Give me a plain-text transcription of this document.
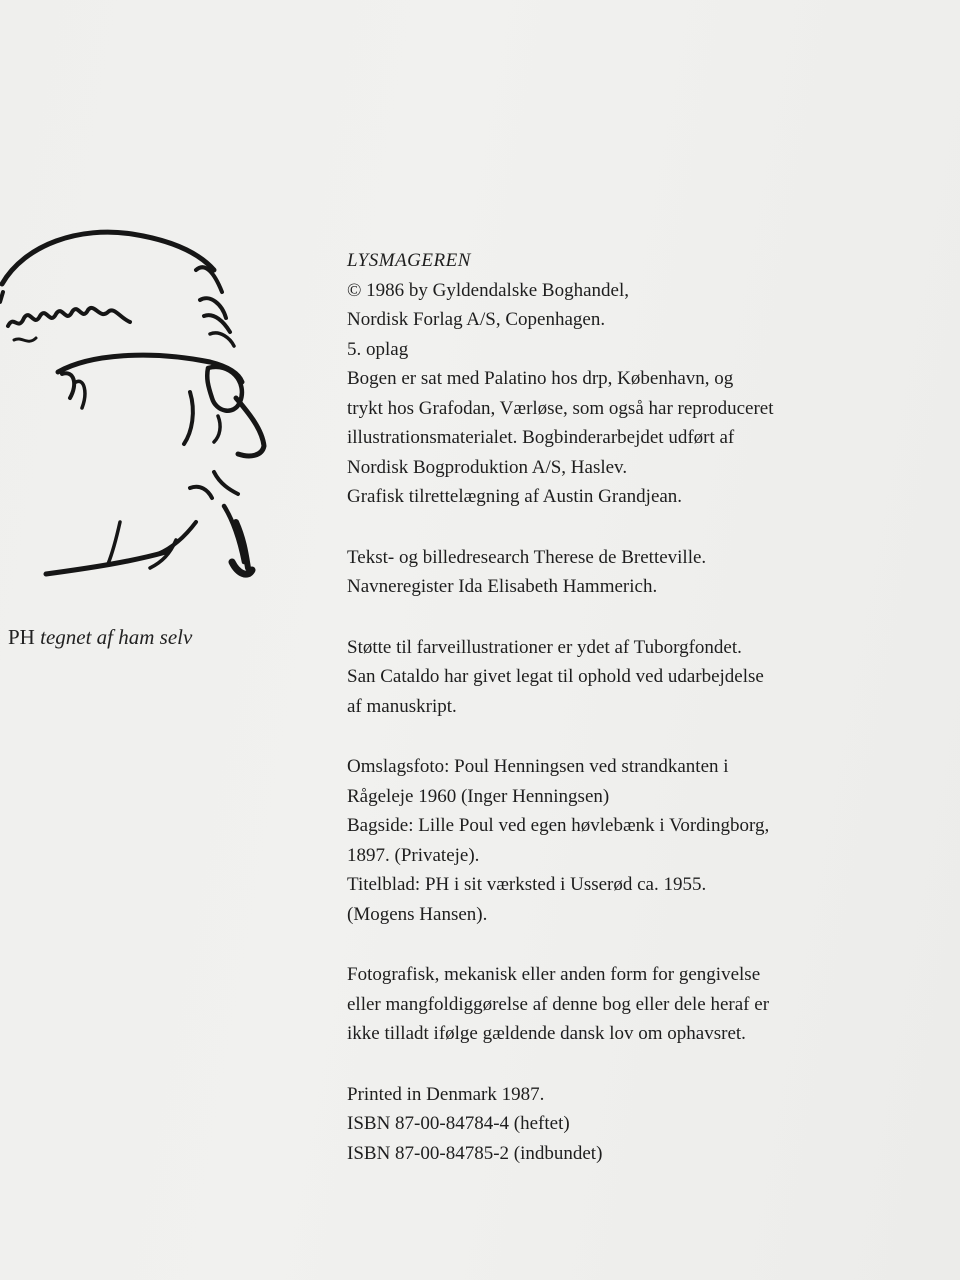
PH tegnet af ham selv
LYSMAGEREN
© 1986 by Gyldendalske Boghandel,
Nordisk Forlag A/S, Copenhagen.
5. oplag
Bogen er sat med Palatino hos drp, København, og
trykt hos Grafodan, Værløse, som også har reproduceret
illustrationsmaterialet. Bogbinderarbejdet udført af
Nordisk Bogproduktion A/S, Haslev.
Grafisk tilrettelægning af Austin Grandjean.
Tekst- og billedresearch Therese de Bretteville.
Navneregister Ida Elisabeth Hammerich.
Støtte til farveillustrationer er ydet af Tuborgfondet.
San Cataldo har givet legat til ophold ved udarbejdelse
af manuskript.
Omslagsfoto: Poul Henningsen ved strandkanten i
Rågeleje 1960 (Inger Henningsen)
Bagside: Lille Poul ved egen høvlebænk i Vordingborg,
1897. (Privateje).
Titelblad: PH i sit værksted i Usserød ca. 1955.
(Mogens Hansen).
Fotografisk, mekanisk eller anden form for gengivelse
eller mangfoldiggørelse af denne bog eller dele heraf er
ikke tilladt ifølge gældende dansk lov om ophavsret.
Printed in Denmark 1987.
ISBN 87-00-84784-4 (heftet)
ISBN 87-00-84785-2 (indbundet)
